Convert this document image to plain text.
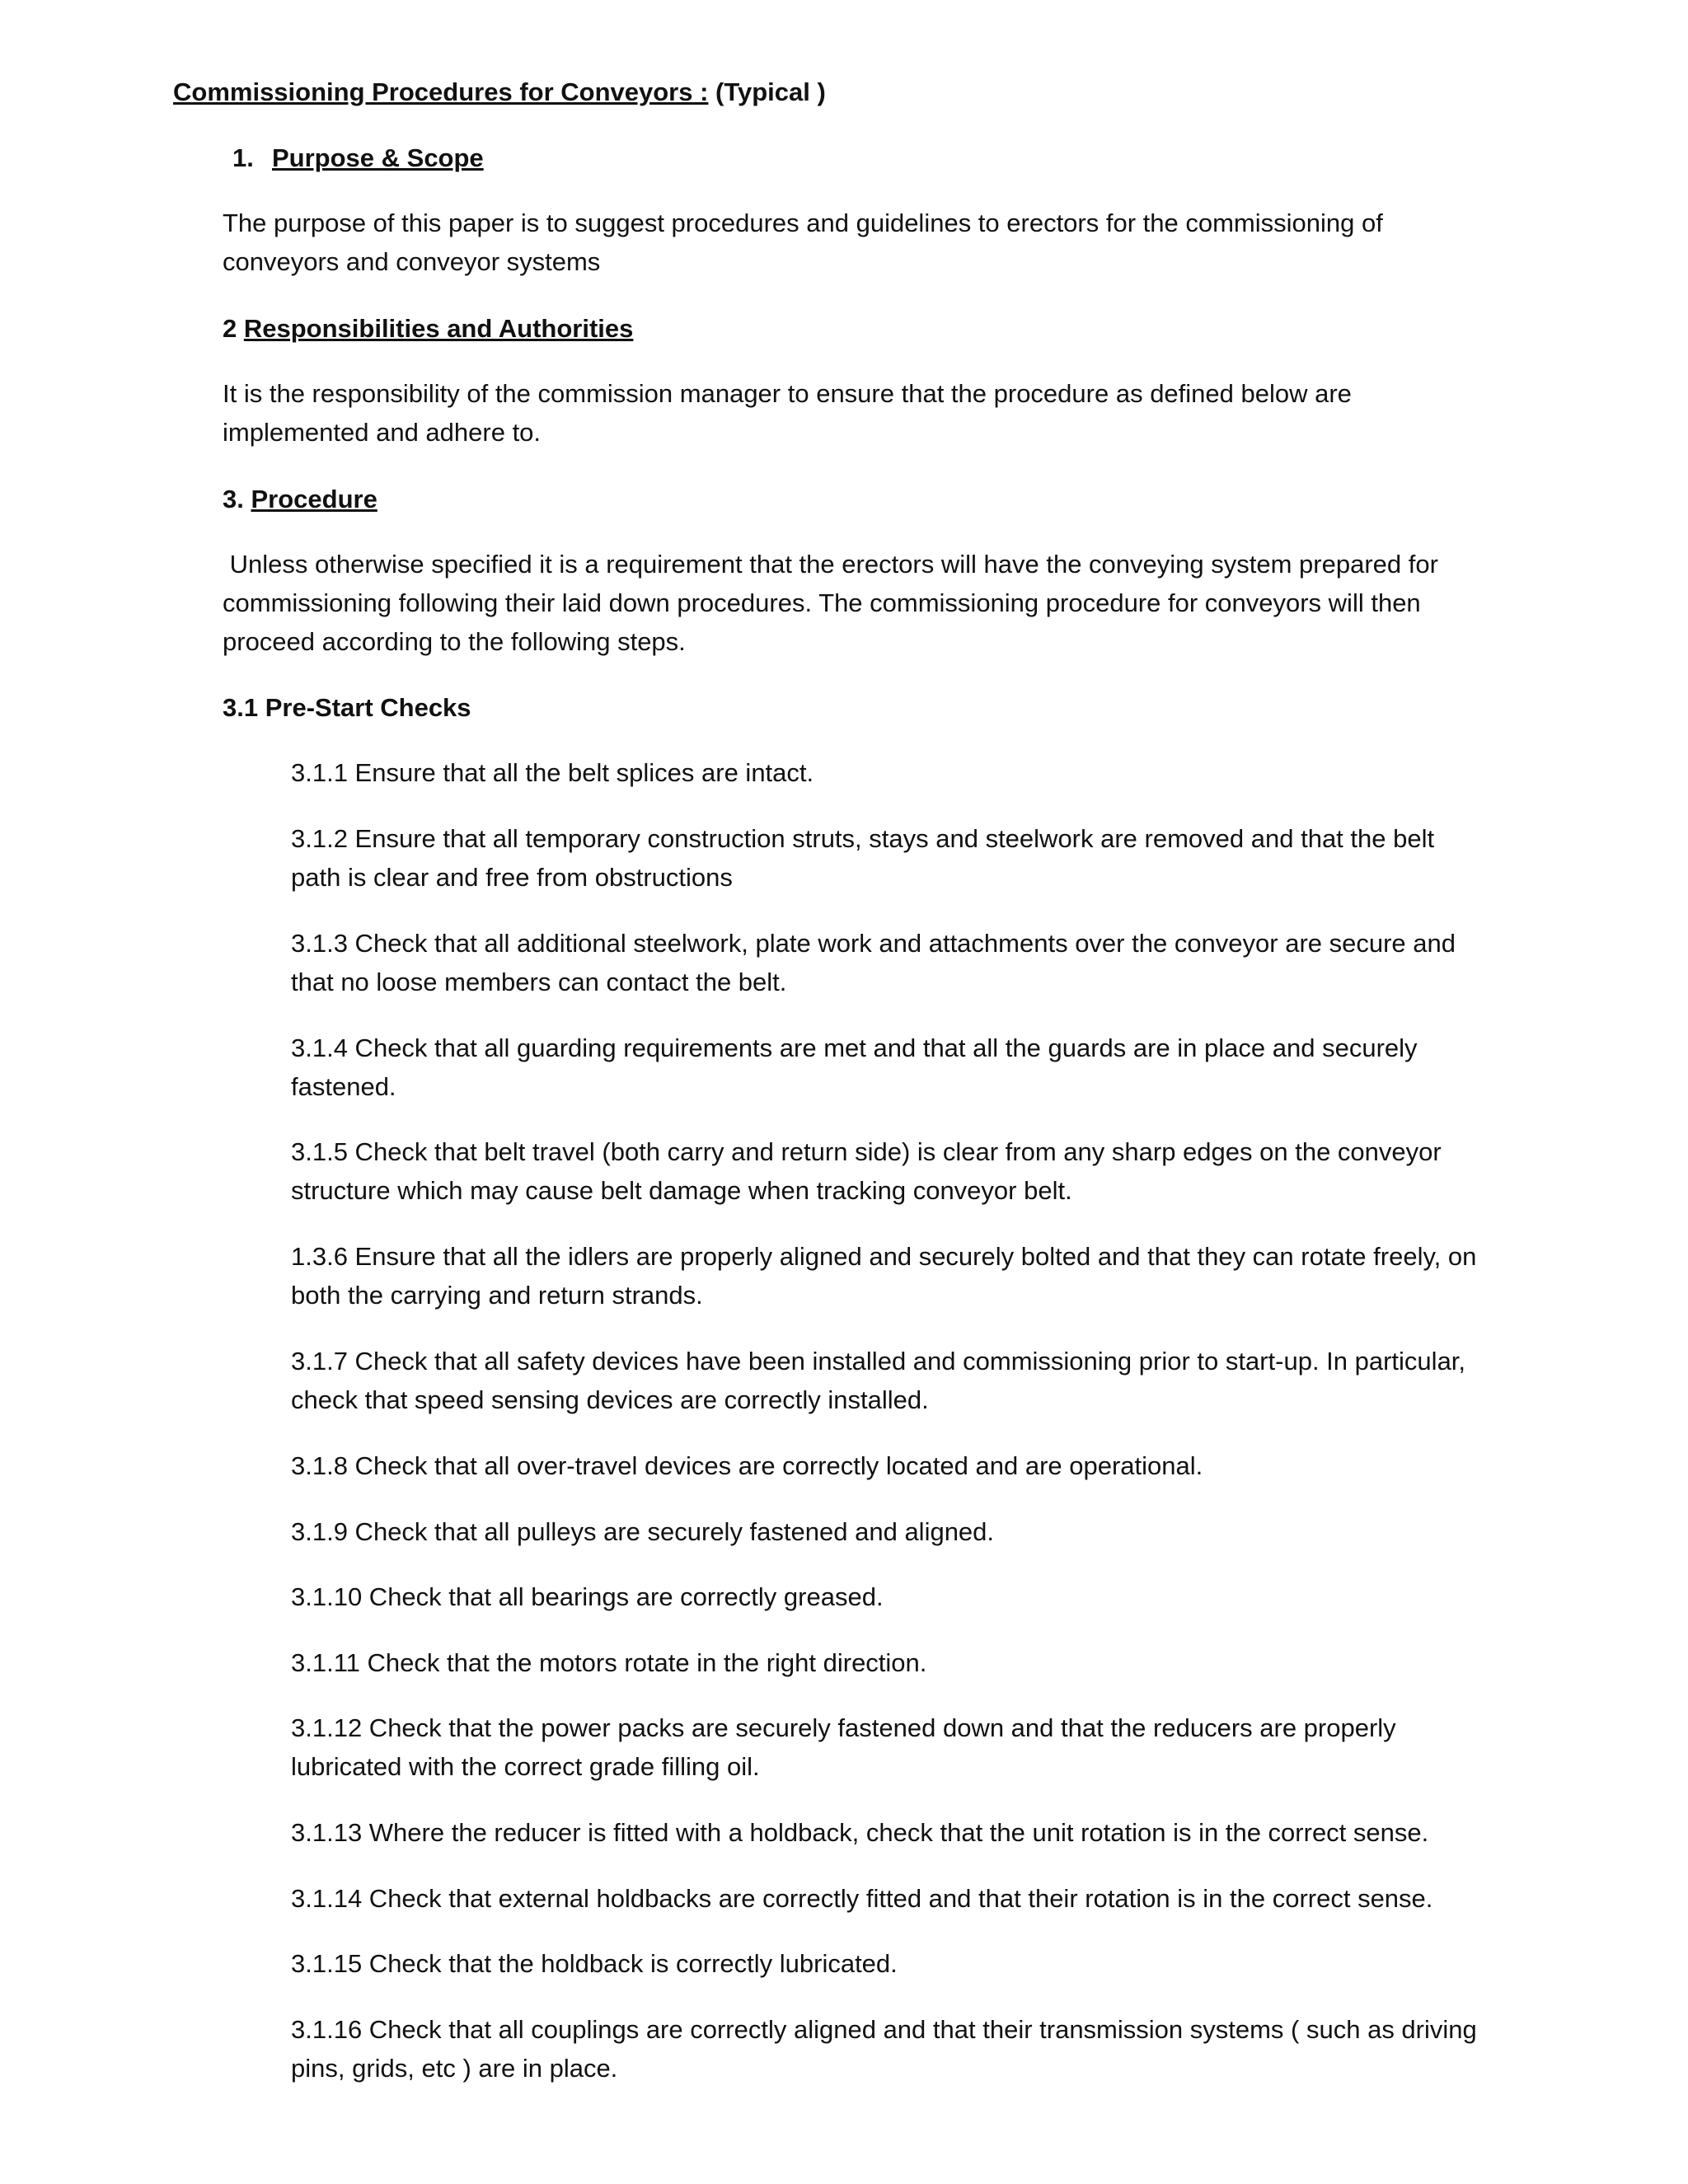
Commissioning Procedures for Conveyors : (Typical )

1. Purpose & Scope

The purpose of this paper is to suggest procedures and guidelines to erectors for the commissioning of conveyors and conveyor systems

2 Responsibilities and Authorities

It is the responsibility of the commission manager to ensure that the procedure as defined below are implemented and adhere to.

3. Procedure

Unless otherwise specified it is a requirement that the erectors will have the conveying system prepared for commissioning following their laid down procedures. The commissioning procedure for conveyors will then proceed according to the following steps.

3.1 Pre-Start Checks

3.1.1 Ensure that all the belt splices are intact.

3.1.2 Ensure that all temporary construction struts, stays and steelwork are removed and that the belt path is clear and free from obstructions

3.1.3 Check that all additional steelwork, plate work and attachments over the conveyor are secure and that no loose members can contact the belt.

3.1.4 Check that all guarding requirements are met and that all the guards are in place and securely fastened.

3.1.5 Check that belt travel (both carry and return side) is clear from any sharp edges on the conveyor structure which may cause belt damage when tracking conveyor belt.

1.3.6 Ensure that all the idlers are properly aligned and securely bolted and that they can rotate freely, on both the carrying and return strands.

3.1.7 Check that all safety devices have been installed and commissioning prior to start-up. In particular, check that speed sensing devices are correctly installed.

3.1.8 Check that all over-travel devices are correctly located and are operational.

3.1.9 Check that all pulleys are securely fastened and aligned.

3.1.10 Check that all bearings are correctly greased.

3.1.11 Check that the motors rotate in the right direction.

3.1.12 Check that the power packs are securely fastened down and that the reducers are properly lubricated with the correct grade filling oil.

3.1.13 Where the reducer is fitted with a holdback, check that the unit rotation is in the correct sense.

3.1.14 Check that external holdbacks are correctly fitted and that their rotation is in the correct sense.

3.1.15 Check that the holdback is correctly lubricated.

3.1.16 Check that all couplings are correctly aligned and that their transmission systems ( such as driving pins, grids, etc ) are in place.
